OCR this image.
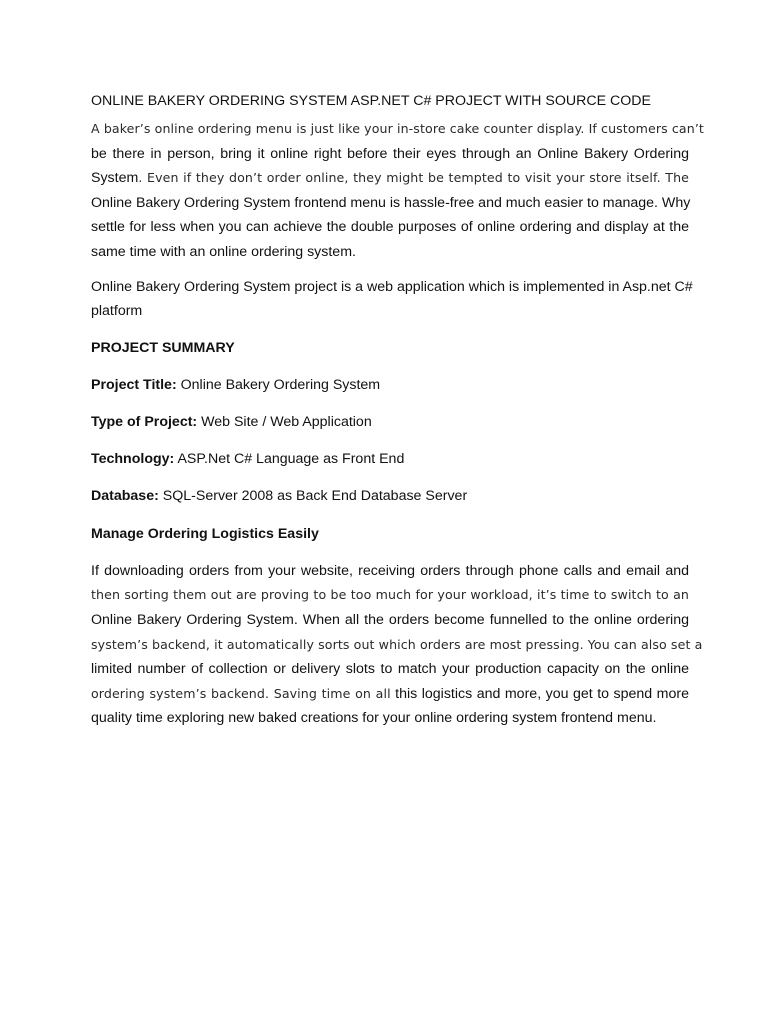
ONLINE BAKERY ORDERING SYSTEM ASP.NET C# PROJECT WITH SOURCE CODE

A baker’s online ordering menu is just like your in-store cake counter display. If customers can’t
be there in person, bring it online right before their eyes through an Online Bakery Ordering
System. Even if they don’t order online, they might be tempted to visit your store itself. The
Online Bakery Ordering System frontend menu is hassle-free and much easier to manage. Why
settle for less when you can achieve the double purposes of online ordering and display at the
same time with an online ordering system.

Online Bakery Ordering System project is a web application which is implemented in Asp.net C#
platform

PROJECT SUMMARY

Project Title: Online Bakery Ordering System

Type of Project: Web Site / Web Application

Technology: ASP.Net C# Language as Front End

Database: SQL-Server 2008 as Back End Database Server

Manage Ordering Logistics Easily

If downloading orders from your website, receiving orders through phone calls and email and
then sorting them out are proving to be too much for your workload, it’s time to switch to an
Online Bakery Ordering System. When all the orders become funnelled to the online ordering
system’s backend, it automatically sorts out which orders are most pressing. You can also set a
limited number of collection or delivery slots to match your production capacity on the online
ordering system’s backend. Saving time on all this logistics and more, you get to spend more
quality time exploring new baked creations for your online ordering system frontend menu.
